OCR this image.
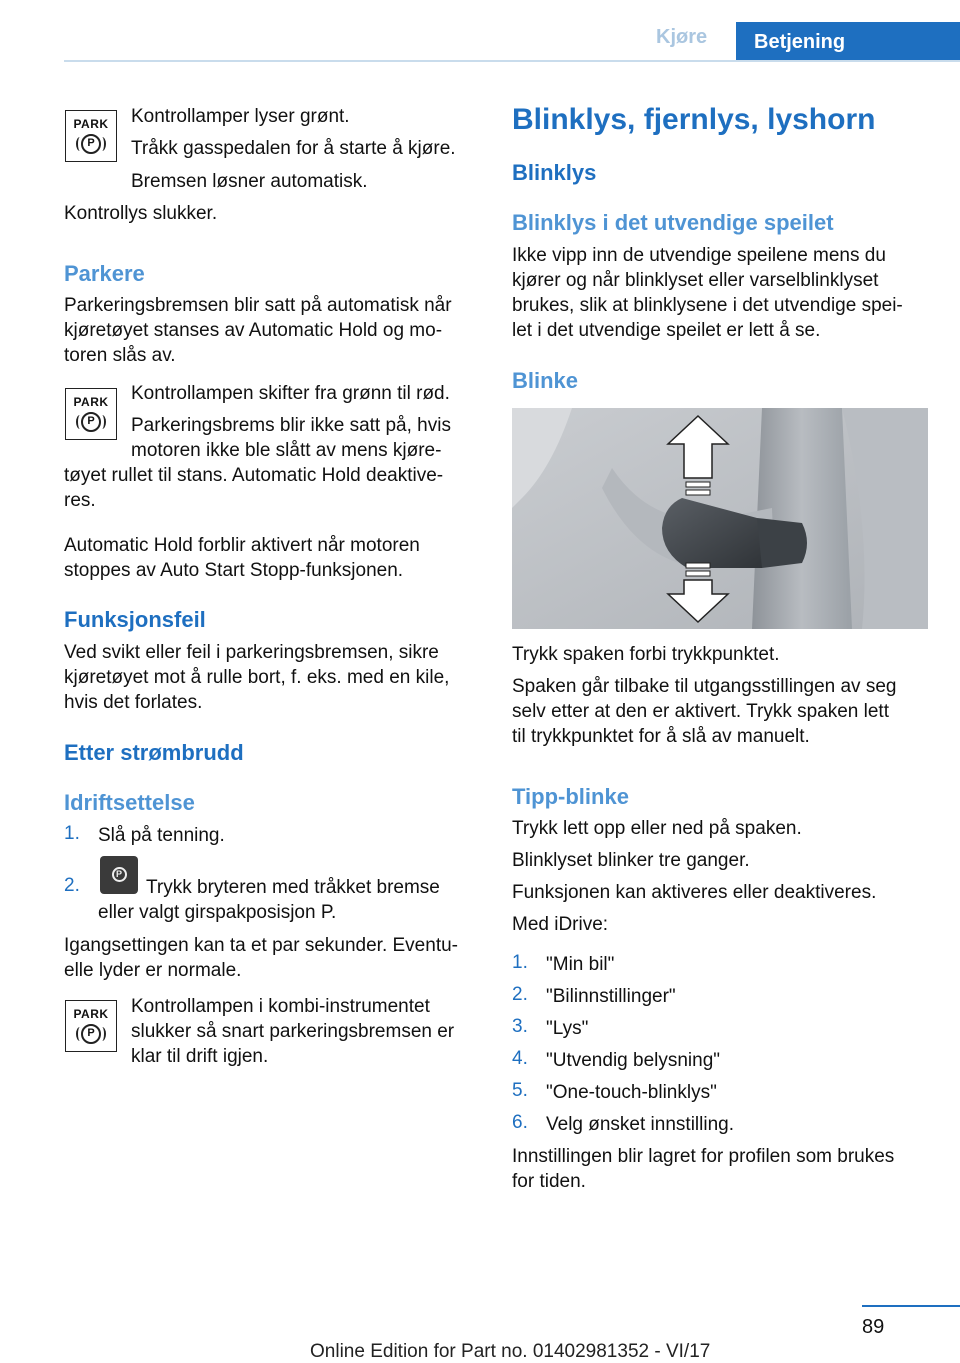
Kjøre	Betjening
PARK
P

Kontrollamper lyser grønt.

Tråkk gasspedalen for å starte å kjøre.

Bremsen løsner automatisk.

Kontrollys slukker.

Parkere

Parkeringsbremsen blir satt på automatisk når

kjøretøyet stanses av Automatic Hold og mo‐

toren slås av.

PARK
P

Kontrollampen skifter fra grønn til rød.

Parkeringsbrems blir ikke satt på, hvis

motoren ikke ble slått av mens kjøre‐

tøyet rullet til stans. Automatic Hold deaktive‐

res.

Automatic Hold forblir aktivert når motoren

stoppes av Auto Start Stopp-funksjonen.

Funksjonsfeil

Ved svikt eller feil i parkeringsbremsen, sikre

kjøretøyet mot å rulle bort, f. eks. med en kile,

hvis det forlates.

Etter strømbrudd
Idriftsettelse
1. Slå på tenning.

2.
P

Trykk bryteren med tråkket bremse

eller valgt girspakposisjon P.

Igangsettingen kan ta et par sekunder. Eventu‐

elle lyder er normale.

PARK
P

Kontrollampen i kombi-instrumentet

slukker så snart parkeringsbremsen er

klar til drift igjen.

Blinklys, fjernlys, lyshorn
Blinklys
Blinklys i det utvendige speilet

Ikke vipp inn de utvendige speilene mens du

kjører og når blinklyset eller varselblinklyset

brukes, slik at blinklysene i det utvendige spei‐

let i det utvendige speilet er lett å se.

Blinke

Trykk spaken forbi trykkpunktet.

Spaken går tilbake til utgangsstillingen av seg

selv etter at den er aktivert. Trykk spaken lett

til trykkpunktet for å slå av manuelt.

Tipp-blinke

Trykk lett opp eller ned på spaken.

Blinklyset blinker tre ganger.

Funksjonen kan aktiveres eller deaktiveres.

Med iDrive:

1. "Min bil"

2. "Bilinnstillinger"

3. "Lys"

4. "Utvendig belysning"

5. "One-touch-blinklys"

6. Velg ønsket innstilling.

Innstillingen blir lagret for profilen som brukes

for tiden.

89
Online Edition for Part no. 01402981352 - VI/17
